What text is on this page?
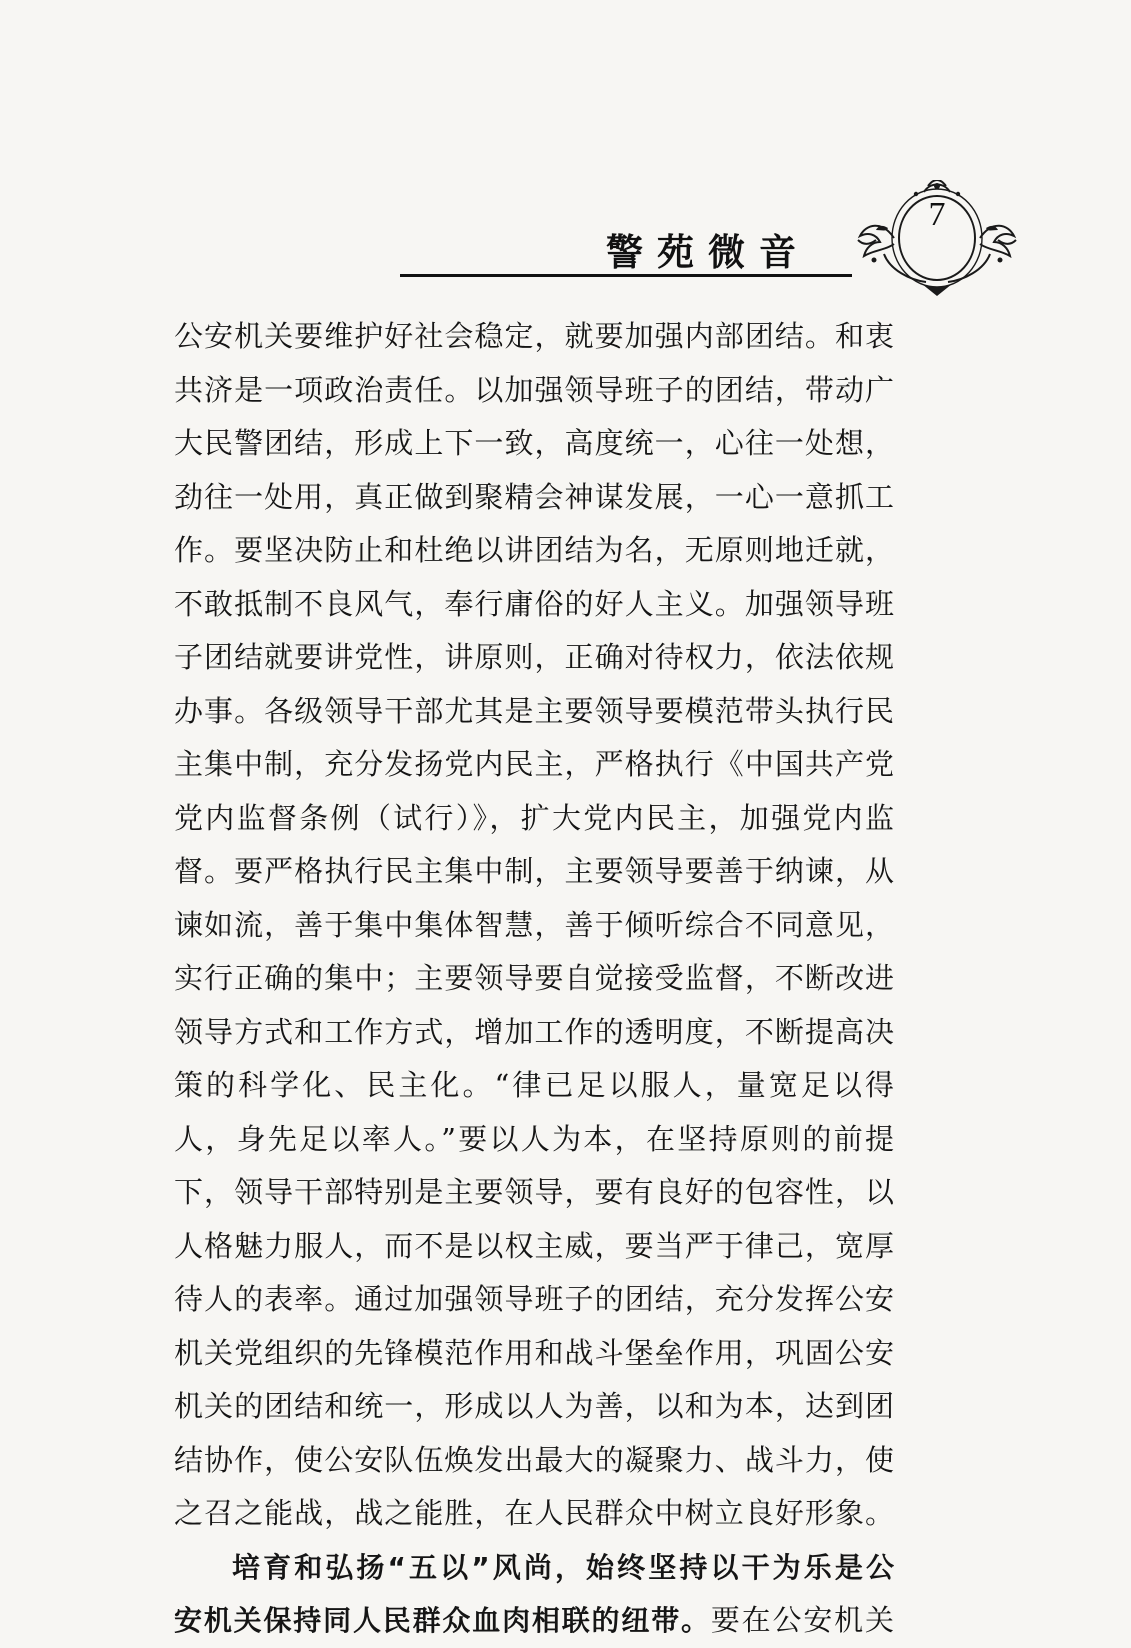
警苑微音
7
公安机关要维护好社会稳定，就要加强内部团结。和衷
共济是一项政治责任。以加强领导班子的团结，带动广
大民警团结，形成上下一致，高度统一，心往一处想，
劲往一处用，真正做到聚精会神谋发展，一心一意抓工
作。要坚决防止和杜绝以讲团结为名，无原则地迁就，
不敢抵制不良风气，奉行庸俗的好人主义。加强领导班
子团结就要讲党性，讲原则，正确对待权力，依法依规
办事。各级领导干部尤其是主要领导要模范带头执行民
主集中制，充分发扬党内民主，严格执行《中国共产党
党内监督条例（试行）》，扩大党内民主，加强党内监
督。要严格执行民主集中制，主要领导要善于纳谏，从
谏如流，善于集中集体智慧，善于倾听综合不同意见，
实行正确的集中；主要领导要自觉接受监督，不断改进
领导方式和工作方式，增加工作的透明度，不断提高决
策的科学化、民主化。“律已足以服人，量宽足以得
人，身先足以率人。”要以人为本，在坚持原则的前提
下，领导干部特别是主要领导，要有良好的包容性，以
人格魅力服人，而不是以权主威，要当严于律己，宽厚
待人的表率。通过加强领导班子的团结，充分发挥公安
机关党组织的先锋模范作用和战斗堡垒作用，巩固公安
机关的团结和统一，形成以人为善，以和为本，达到团
结协作，使公安队伍焕发出最大的凝聚力、战斗力，使
之召之能战，战之能胜，在人民群众中树立良好形象。
培育和弘扬“五以”风尚，始终坚持以干为乐是公
安机关保持同人民群众血肉相联的纽带。要在公安机关
